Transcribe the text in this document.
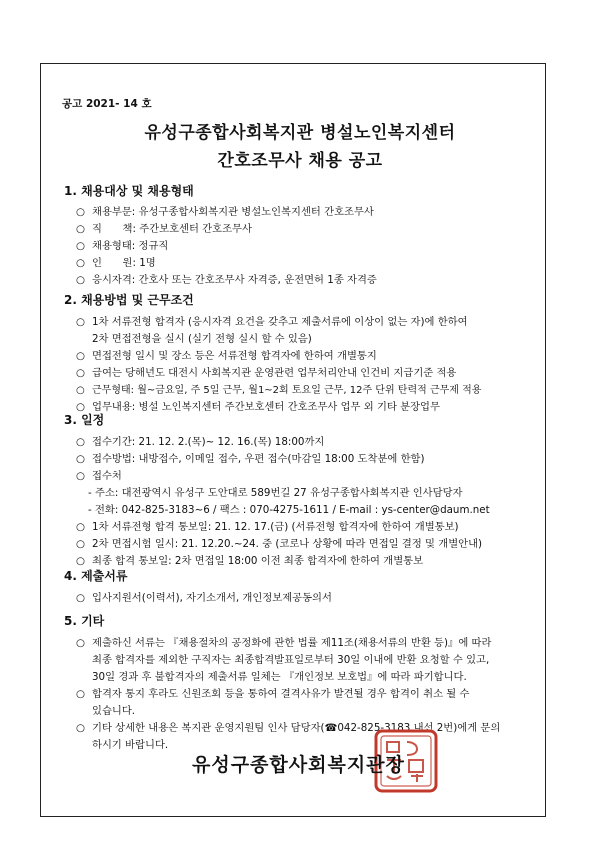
공고 2021- 14 호
유성구종합사회복지관 병설노인복지센터
간호조무사 채용 공고
1. 채용대상 및 채용형태
○ 채용부문: 유성구종합사회복지관 병설노인복지센터 간호조무사
○ 직　　책: 주간보호센터 간호조무사
○ 채용형태: 정규직
○ 인　　원: 1명
○ 응시자격: 간호사 또는 간호조무사 자격증, 운전면허 1종 자격증
2. 채용방법 및 근무조건
○ 1차 서류전형 합격자 (응시자격 요건을 갖추고 제출서류에 이상이 없는 자)에 한하여
2차 면접전형을 실시 (실기 전형 실시 할 수 있음)
○ 면접전형 일시 및 장소 등은 서류전형 합격자에 한하여 개별통지
○ 급여는 당해년도 대전시 사회복지관 운영관련 업무처리안내 인건비 지급기준 적용
○ 근무형태: 월~금요일, 주 5일 근무, 월1~2회 토요일 근무, 12주 단위 탄력적 근무제 적용
○ 업무내용: 병설 노인복지센터 주간보호센터 간호조무사 업무 외 기타 분장업무
3. 일정
○ 접수기간: 21. 12. 2.(목)~ 12. 16.(목) 18:00까지
○ 접수방법: 내방접수, 이메일 접수, 우편 접수(마감일 18:00 도착분에 한함)
○ 접수처
- 주소: 대전광역시 유성구 도안대로 589번길 27 유성구종합사회복지관 인사담당자
- 전화: 042-825-3183~6 / 팩스 : 070-4275-1611 / E-mail : ys-center@daum.net
○ 1차 서류전형 합격 통보일: 21. 12. 17.(금) (서류전형 합격자에 한하여 개별통보)
○ 2차 면접시험 일시: 21. 12.20.~24. 중 (코로나 상황에 따라 면접일 결정 및 개별안내)
○ 최종 합격 통보일: 2차 면접일 18:00 이전 최종 합격자에 한하여 개별통보
4. 제출서류
○ 입사지원서(이력서), 자기소개서, 개인정보제공동의서
5. 기타
○ 제출하신 서류는 『채용절차의 공정화에 관한 법률 제11조(채용서류의 반환 등)』에 따라
최종 합격자를 제외한 구직자는 최종합격발표일로부터 30일 이내에 반환 요청할 수 있고,
30일 경과 후 불합격자의 제출서류 일체는 『개인정보 보호법』에 따라 파기합니다.
○ 합격자 통지 후라도 신원조회 등을 통하여 결격사유가 발견될 경우 합격이 취소 될 수
있습니다.
○ 기타 상세한 내용은 복지관 운영지원팀 인사 담당자(☎042-825-3183 내선 2번)에게 문의
하시기 바랍니다.
유성구종합사회복지관장
